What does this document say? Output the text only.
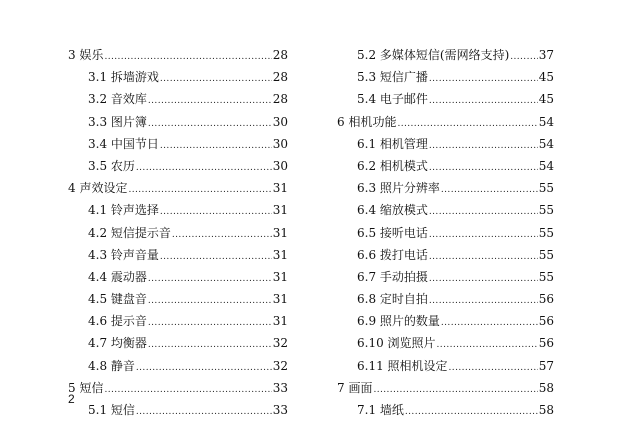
3 娱乐 .....	28
3.1 拆墙游戏 .....	28
3.2 音效库 .....	28
3.3 图片簿 .....	30
3.4 中国节日 .....	30
3.5 农历 .....	30
4 声效设定 .....	31
4.1 铃声选择 .....	31
4.2 短信提示音 .....	31
4.3 铃声音量 .....	31
4.4 震动器 .....	31
4.5 键盘音 .....	31
4.6 提示音 .....	31
4.7 均衡器 .....	32
4.8 静音 .....	32
5 短信 .....	33
5.1 短信 .....	33
5.2 多媒体短信(需网络支持) ..... 37
5.3 短信广播 .....	45
5.4 电子邮件 .....	45
6 相机功能 .....	54
6.1 相机管理 .....	54
6.2 相机模式 .....	54
6.3 照片分辨率 .....	55
6.4 缩放模式 .....	55
6.5 接听电话 .....	55
6.6 拨打电话 .....	55
6.7 手动拍摄 .....	55
6.8 定时自拍 .....	56
6.9 照片的数量 .....	56
6.10 浏览照片 .....	56
6.11 照相机设定 .....	57
7 画面 .....	58
7.1 墙纸 .....	58
2
